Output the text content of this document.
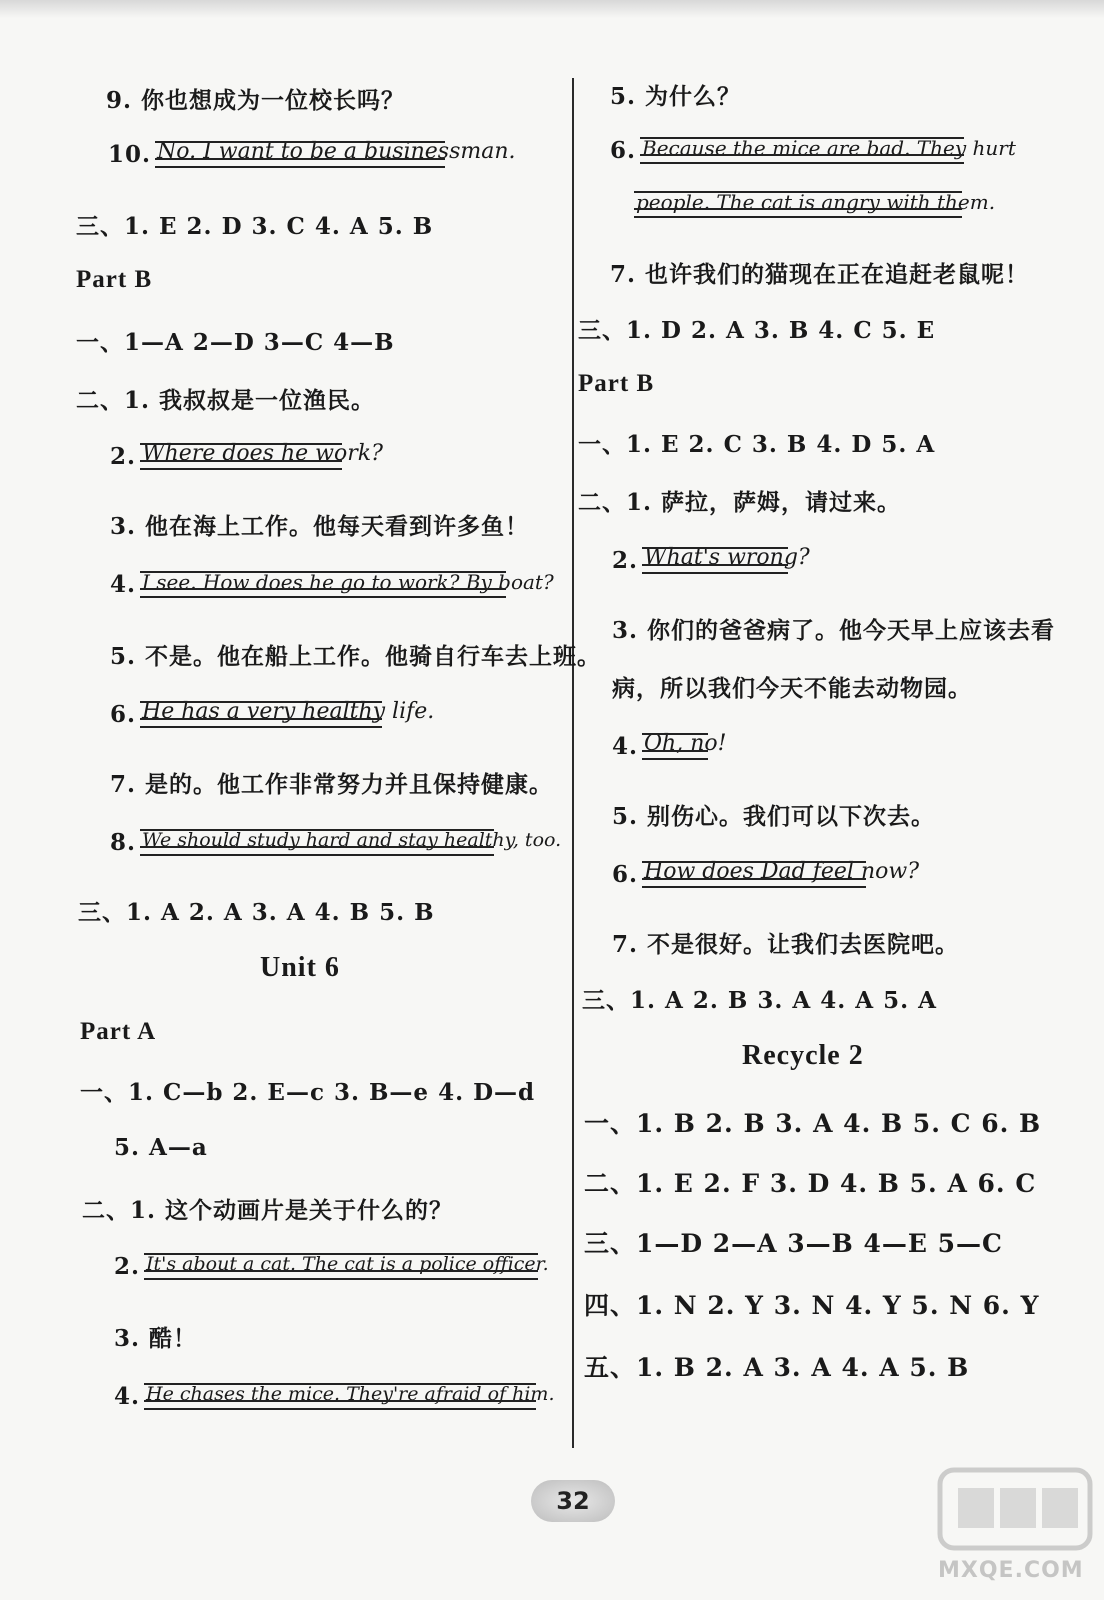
9. 你也想成为一位校长吗？
10. No. I want to be a businessman.
三、1. E 2. D 3. C 4. A 5. B
Part B
一、1—A 2—D 3—C 4—B
二、1. 我叔叔是一位渔民。
2. Where does he work?
3. 他在海上工作。他每天看到许多鱼！
4. I see. How does he go to work? By boat?
5. 不是。他在船上工作。他骑自行车去上班。
6. He has a very healthy life.
7. 是的。他工作非常努力并且保持健康。
8. We should study hard and stay healthy, too.
三、1. A 2. A 3. A 4. B 5. B
Unit 6
Part A
一、1. C—b 2. E—c 3. B—e 4. D—d
5. A—a
二、1. 这个动画片是关于什么的？
2. It's about a cat. The cat is a police officer.
3. 酷！
4. He chases the mice. They're afraid of him.
5. 为什么？
6. Because the mice are bad. They hurt
people. The cat is angry with them.
7. 也许我们的猫现在正在追赶老鼠呢！
三、1. D 2. A 3. B 4. C 5. E
Part B
一、1. E 2. C 3. B 4. D 5. A
二、1. 萨拉，萨姆，请过来。
2. What's wrong?
3. 你们的爸爸病了。他今天早上应该去看
病，所以我们今天不能去动物园。
4. Oh, no!
5. 别伤心。我们可以下次去。
6. How does Dad feel now?
7. 不是很好。让我们去医院吧。
三、1. A 2. B 3. A 4. A 5. A
Recycle 2
一、1. B 2. B 3. A 4. B 5. C 6. B
二、1. E 2. F 3. D 4. B 5. A 6. C
三、1—D 2—A 3—B 4—E 5—C
四、1. N 2. Y 3. N 4. Y 5. N 6. Y
五、1. B 2. A 3. A 4. A 5. B
32
MXQE.COM
